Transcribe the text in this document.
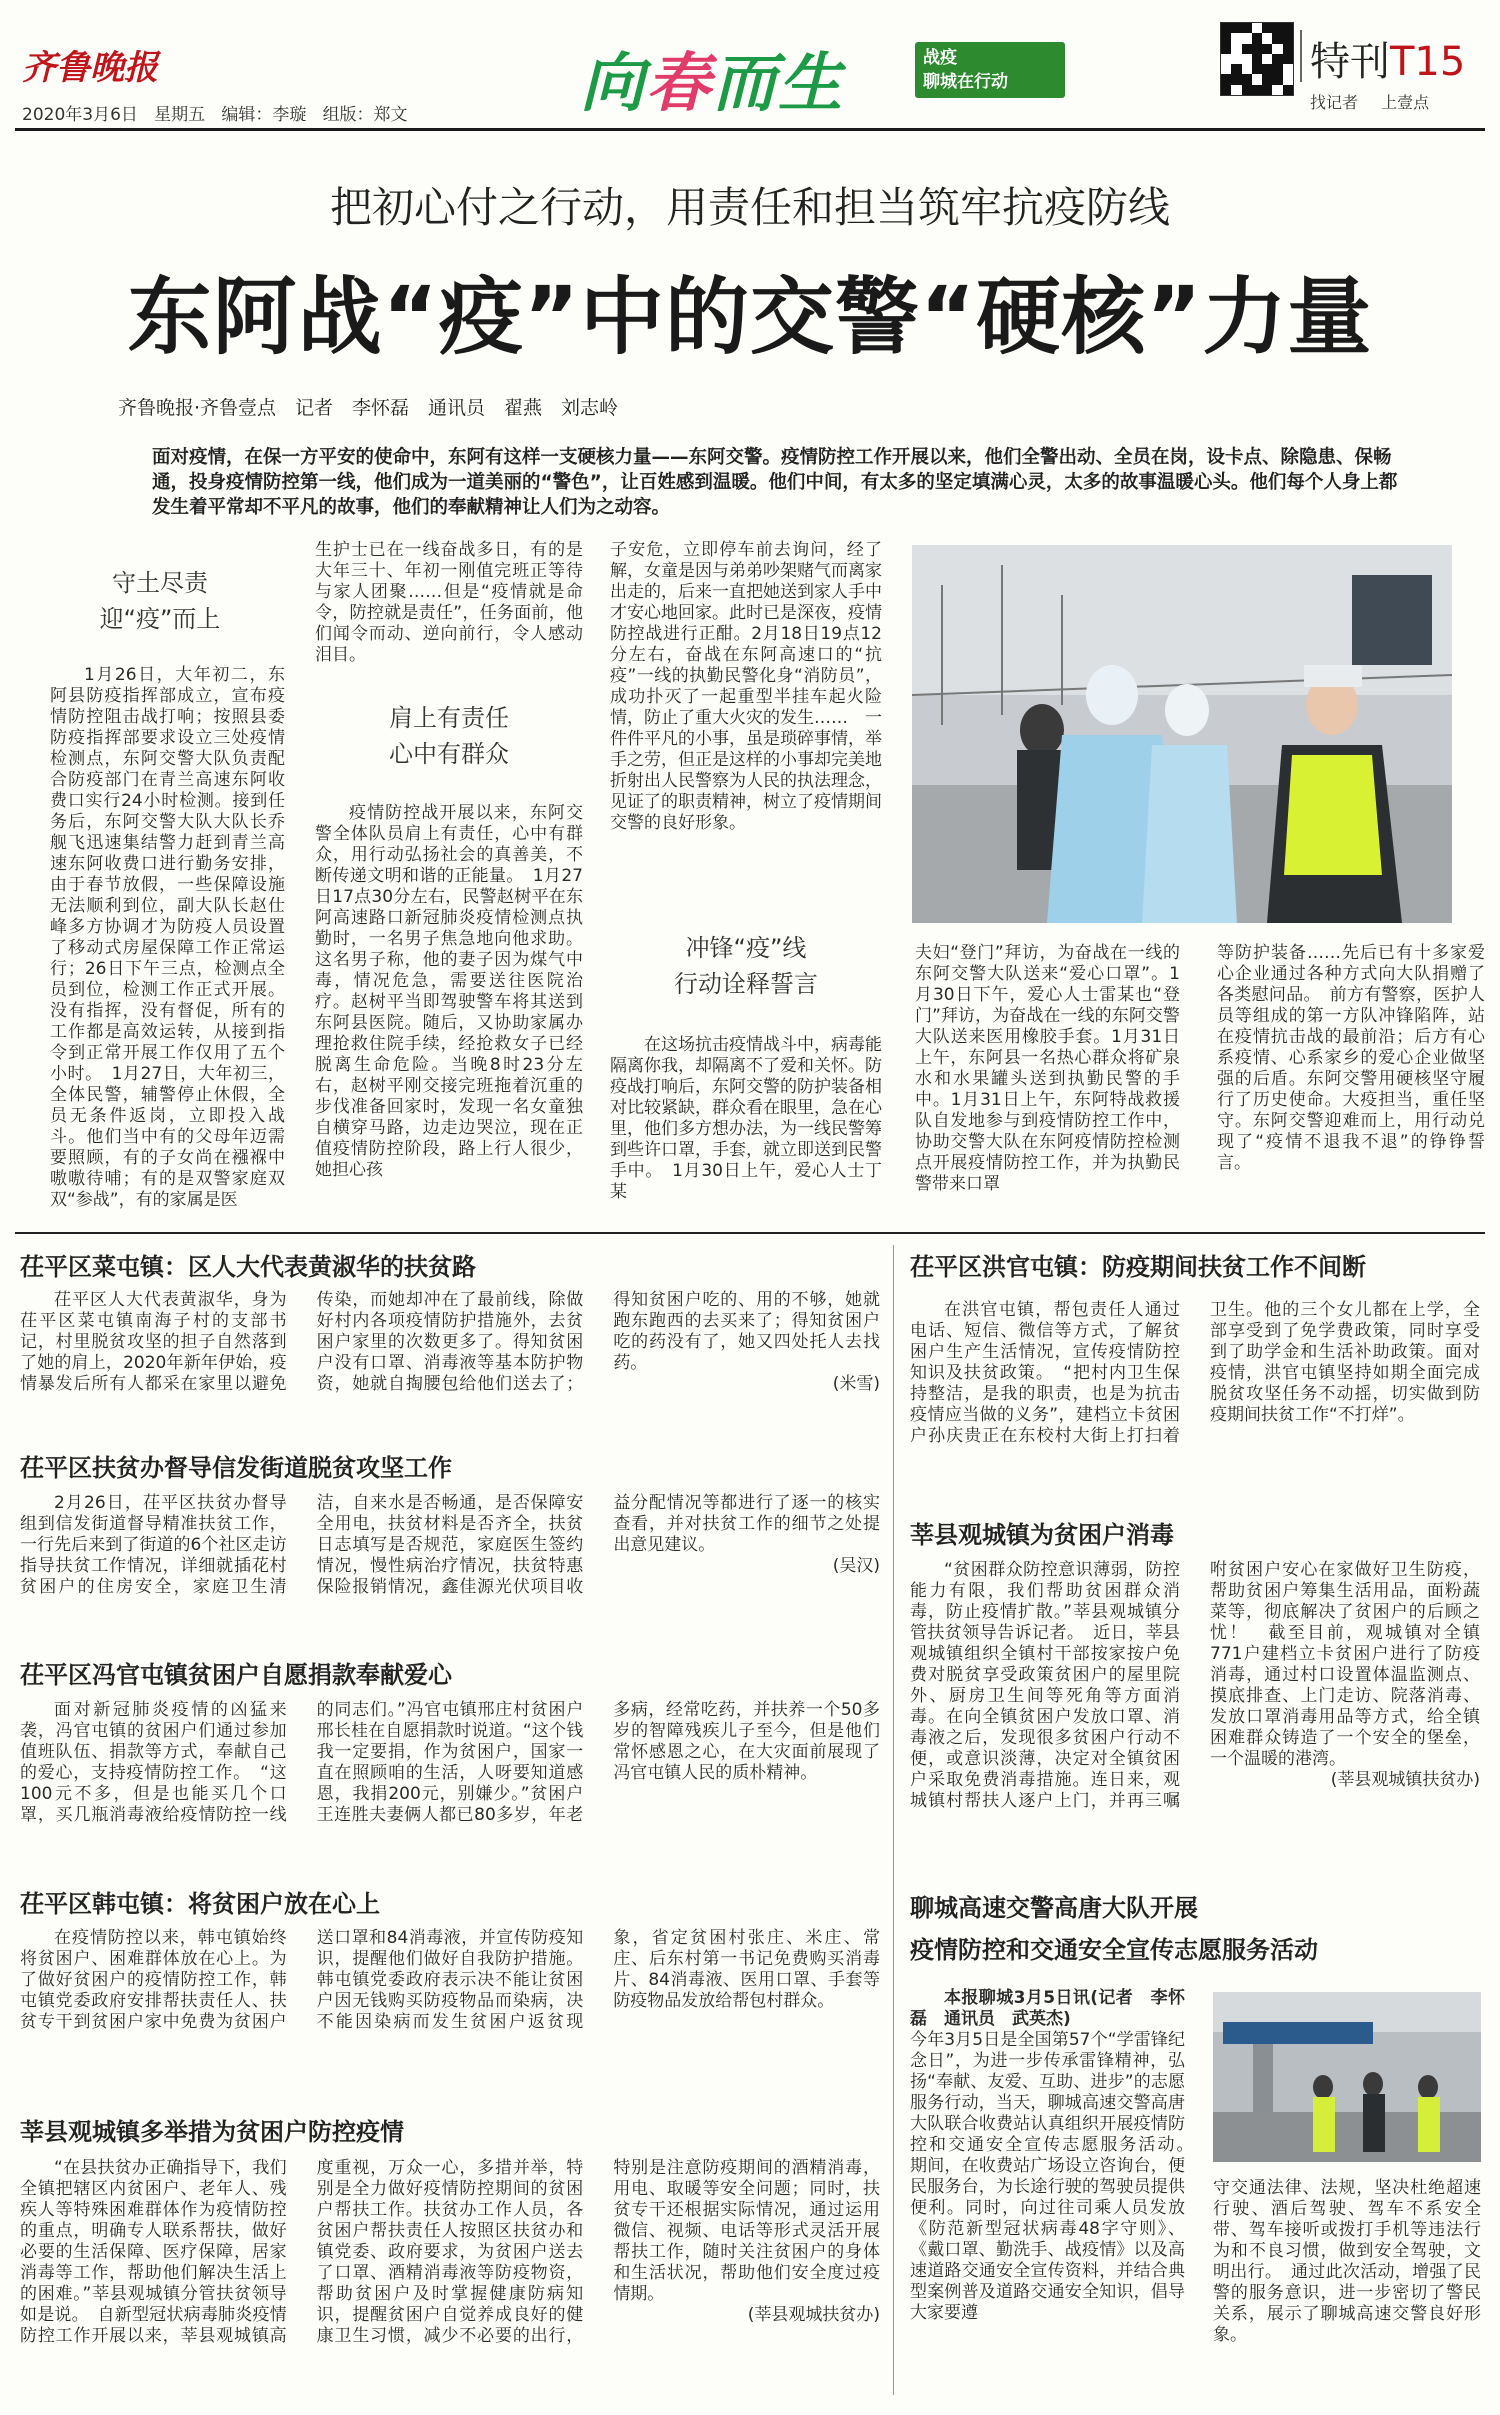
齐鲁晚报
2020年3月6日 星期五 编辑：李璇 组版：郑文	向春而生	战疫
聊城在行动	特刊T15
找记者 上壹点
把初心付之行动，用责任和担当筑牢抗疫防线
东阿战“疫”中的交警“硬核”力量
齐鲁晚报·齐鲁壹点　记者　李怀磊　通讯员　翟燕　刘志岭
面对疫情，在保一方平安的使命中，东阿有这样一支硬核力量——东阿交警。疫情防控工作开展以来，他们全警出动、全员在岗，设卡点、除隐患、保畅通，投身疫情防控第一线，他们成为一道美丽的“警色”，让百姓感到温暖。他们中间，有太多的坚定填满心灵，太多的故事温暖心头。他们每个人身上都发生着平常却不平凡的故事，他们的奉献精神让人们为之动容。
守土尽责
迎“疫”而上

1月26日，大年初二，东阿县防疫指挥部成立，宣布疫情防控阻击战打响；按照县委防疫指挥部要求设立三处疫情检测点，东阿交警大队负责配合防疫部门在青兰高速东阿收费口实行24小时检测。接到任务后，东阿交警大队大队长乔舰飞迅速集结警力赶到青兰高速东阿收费口进行勤务安排，由于春节放假，一些保障设施无法顺利到位，副大队长赵仕峰多方协调才为防疫人员设置了移动式房屋保障工作正常运行；26日下午三点，检测点全员到位，检测工作正式开展。没有指挥，没有督促，所有的工作都是高效运转，从接到指令到正常开展工作仅用了五个小时。　1月27日，大年初三，全体民警，辅警停止休假，全员无条件返岗，立即投入战斗。他们当中有的父母年迈需要照顾，有的子女尚在襁褓中嗷嗷待哺；有的是双警家庭双双“参战”，有的家属是医

生护士已在一线奋战多日，有的是大年三十、年初一刚值完班正等待与家人团聚……但是“疫情就是命令，防控就是责任”，任务面前，他们闻令而动、逆向前行，令人感动泪目。

肩上有责任
心中有群众

疫情防控战开展以来，东阿交警全体队员肩上有责任，心中有群众，用行动弘扬社会的真善美，不断传递文明和谐的正能量。　1月27日17点30分左右，民警赵树平在东阿高速路口新冠肺炎疫情检测点执勤时，一名男子焦急地向他求助。这名男子称，他的妻子因为煤气中毒，情况危急，需要送往医院治疗。赵树平当即驾驶警车将其送到东阿县医院。随后，又协助家属办理抢救住院手续，经抢救女子已经脱离生命危险。当晚8时23分左右，赵树平刚交接完班拖着沉重的步伐准备回家时，发现一名女童独自横穿马路，边走边哭泣，现在正值疫情防控阶段，路上行人很少，她担心孩

子安危，立即停车前去询问，经了解，女童是因与弟弟吵架赌气而离家出走的，后来一直把她送到家人手中才安心地回家。此时已是深夜，疫情防控战进行正酣。2月18日19点12分左右，奋战在东阿高速口的“抗疫”一线的执勤民警化身“消防员”，成功扑灭了一起重型半挂车起火险情，防止了重大火灾的发生……　一件件平凡的小事，虽是琐碎事情，举手之劳，但正是这样的小事却完美地折射出人民警察为人民的执法理念，见证了的职责精神，树立了疫情期间交警的良好形象。

冲锋“疫”线
行动诠释誓言

在这场抗击疫情战斗中，病毒能隔离你我，却隔离不了爱和关怀。防疫战打响后，东阿交警的防护装备相对比较紧缺，群众看在眼里，急在心里，他们多方想办法，为一线民警筹到些许口罩，手套，就立即送到民警手中。　1月30日上午，爱心人士丁某

夫妇“登门”拜访，为奋战在一线的东阿交警大队送来“爱心口罩”。1月30日下午，爱心人士雷某也“登门”拜访，为奋战在一线的东阿交警大队送来医用橡胶手套。1月31日上午，东阿县一名热心群众将矿泉水和水果罐头送到执勤民警的手中。1月31日上午，东阿特战救援队自发地参与到疫情防控工作中，协助交警大队在东阿疫情防控检测点开展疫情防控工作，并为执勤民警带来口罩

等防护装备……先后已有十多家爱心企业通过各种方式向大队捐赠了各类慰问品。　前方有警察，医护人员等组成的第一方队冲锋陷阵，站在疫情抗击战的最前沿；后方有心系疫情、心系家乡的爱心企业做坚强的后盾。东阿交警用硬核坚守履行了历史使命。大疫担当，重任坚守。东阿交警迎难而上，用行动兑现了“疫情不退我不退”的铮铮誓言。

茌平区菜屯镇：区人大代表黄淑华的扶贫路

茌平区人大代表黄淑华，身为茌平区菜屯镇南海子村的支部书记，村里脱贫攻坚的担子自然落到了她的肩上，2020年新年伊始，疫情暴发后所有人都采在家里以避免传染，而她却冲在了最前线，除做好村内各项疫情防护措施外，去贫困户家里的次数更多了。得知贫困户没有口罩、消毒液等基本防护物资，她就自掏腰包给他们送去了；得知贫困户吃的、用的不够，她就跑东跑西的去买来了；得知贫困户吃的药没有了，她又四处托人去找药。

(米雪)
茌平区扶贫办督导信发街道脱贫攻坚工作

2月26日，茌平区扶贫办督导组到信发街道督导精准扶贫工作，一行先后来到了街道的6个社区走访指导扶贫工作情况，详细就插花村贫困户的住房安全，家庭卫生清洁，自来水是否畅通，是否保障安全用电，扶贫材料是否齐全，扶贫日志填写是否规范，家庭医生签约情况，慢性病治疗情况，扶贫特惠保险报销情况，鑫佳源光伏项目收益分配情况等都进行了逐一的核实查看，并对扶贫工作的细节之处提出意见建议。

(吴汉)
茌平区冯官屯镇贫困户自愿捐款奉献爱心

面对新冠肺炎疫情的凶猛来袭，冯官屯镇的贫困户们通过参加值班队伍、捐款等方式，奉献自己的爱心，支持疫情防控工作。　“这100元不多，但是也能买几个口罩，买几瓶消毒液给疫情防控一线的同志们。”冯官屯镇邢庄村贫困户邢长桂在自愿捐款时说道。“这个钱我一定要捐，作为贫困户，国家一直在照顾咱的生活，人呀要知道感恩，我捐200元，别嫌少。”贫困户王连胜夫妻俩人都已80多岁，年老多病，经常吃药，并扶养一个50多岁的智障残疾儿子至今，但是他们常怀感恩之心，在大灾面前展现了冯官屯镇人民的质朴精神。

茌平区韩屯镇：将贫困户放在心上

在疫情防控以来，韩屯镇始终将贫困户、困难群体放在心上。为了做好贫困户的疫情防控工作，韩屯镇党委政府安排帮扶责任人、扶贫专干到贫困户家中免费为贫困户送口罩和84消毒液，并宣传防疫知识，提醒他们做好自我防护措施。韩屯镇党委政府表示决不能让贫困户因无钱购买防疫物品而染病，决不能因染病而发生贫困户返贫现象，省定贫困村张庄、米庄、常庄、后东村第一书记免费购买消毒片、84消毒液、医用口罩、手套等防疫物品发放给帮包村群众。

莘县观城镇多举措为贫困户防控疫情

“在县扶贫办正确指导下，我们全镇把辖区内贫困户、老年人、残疾人等特殊困难群体作为疫情防控的重点，明确专人联系帮扶，做好必要的生活保障、医疗保障，居家消毒等工作，帮助他们解决生活上的困难。”莘县观城镇分管扶贫领导如是说。　自新型冠状病毒肺炎疫情防控工作开展以来，莘县观城镇高度重视，万众一心，多措并举，特别是全力做好疫情防控期间的贫困户帮扶工作。扶贫办工作人员，各贫困户帮扶责任人按照区扶贫办和镇党委、政府要求，为贫困户送去了口罩、酒精消毒液等防疫物资，帮助贫困户及时掌握健康防病知识，提醒贫困户自觉养成良好的健康卫生习惯，减少不必要的出行，特别是注意防疫期间的酒精消毒，用电、取暖等安全问题；同时，扶贫专干还根据实际情况，通过运用微信、视频、电话等形式灵活开展帮扶工作，随时关注贫困户的身体和生活状况，帮助他们安全度过疫情期。

(莘县观城扶贫办)
茌平区洪官屯镇：防疫期间扶贫工作不间断

在洪官屯镇，帮包责任人通过电话、短信、微信等方式，了解贫困户生产生活情况，宣传疫情防控知识及扶贫政策。　“把村内卫生保持整洁，是我的职责，也是为抗击疫情应当做的义务”，建档立卡贫困户孙庆贵正在东校村大街上打扫着卫生。他的三个女儿都在上学，全部享受到了免学费政策，同时享受到了助学金和生活补助政策。面对疫情，洪官屯镇坚持如期全面完成脱贫攻坚任务不动摇，切实做到防疫期间扶贫工作“不打烊”。

莘县观城镇为贫困户消毒

“贫困群众防控意识薄弱，防控能力有限，我们帮助贫困群众消毒，防止疫情扩散。”莘县观城镇分管扶贫领导告诉记者。　近日，莘县观城镇组织全镇村干部按家按户免费对脱贫享受政策贫困户的屋里院外、厨房卫生间等死角等方面消毒。在向全镇贫困户发放口罩、消毒液之后，发现很多贫困户行动不便，或意识淡薄，决定对全镇贫困户采取免费消毒措施。连日来，观城镇村帮扶人逐户上门，并再三嘱咐贫困户安心在家做好卫生防疫，帮助贫困户筹集生活用品，面粉蔬菜等，彻底解决了贫困户的后顾之忧！　截至目前，观城镇对全镇771户建档立卡贫困户进行了防疫消毒，通过村口设置体温监测点、摸底排查、上门走访、院落消毒、发放口罩消毒用品等方式，给全镇困难群众铸造了一个安全的堡垒，一个温暖的港湾。

(莘县观城镇扶贫办)
聊城高速交警高唐大队开展
疫情防控和交通安全宣传志愿服务活动

本报聊城3月5日讯(记者　李怀磊　通讯员　武英杰)

今年3月5日是全国第57个“学雷锋纪念日”，为进一步传承雷锋精神，弘扬“奉献、友爱、互助、进步”的志愿服务行动，当天，聊城高速交警高唐大队联合收费站认真组织开展疫情防控和交通安全宣传志愿服务活动。　期间，在收费站广场设立咨询台，便民服务台，为长途行驶的驾驶员提供便利。同时，向过往司乘人员发放《防范新型冠状病毒48字守则》、《戴口罩、勤洗手、战疫情》以及高速道路交通安全宣传资料，并结合典型案例普及道路交通安全知识，倡导大家要遵

守交通法律、法规，坚决杜绝超速行驶、酒后驾驶、驾车不系安全带、驾车接听或拨打手机等违法行为和不良习惯，做到安全驾驶，文明出行。　通过此次活动，增强了民警的服务意识，进一步密切了警民关系，展示了聊城高速交警良好形象。
